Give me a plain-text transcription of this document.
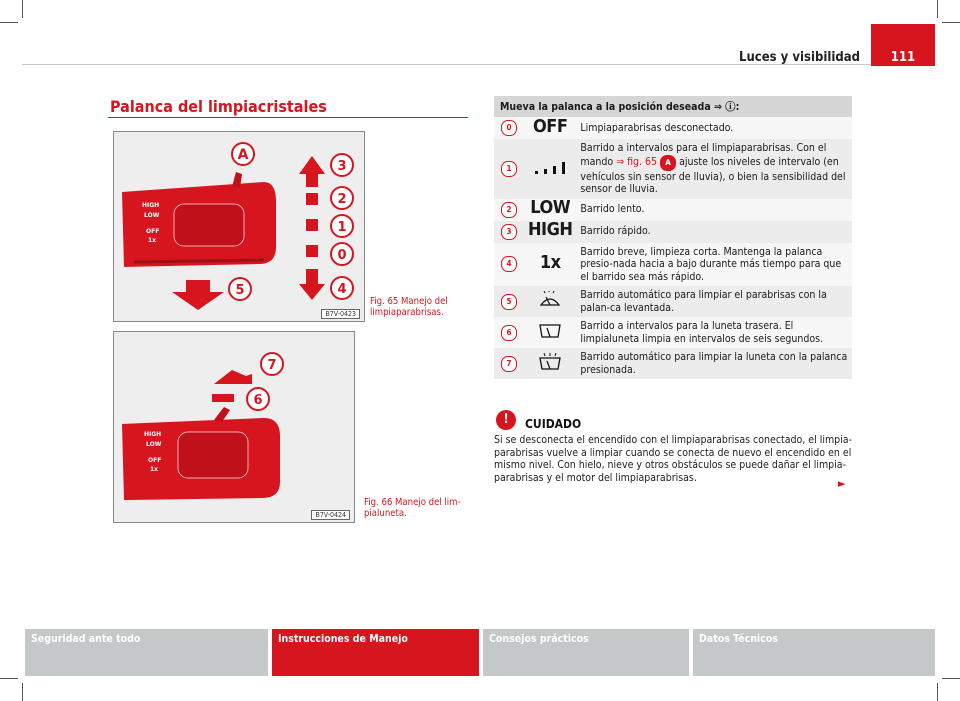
111
Luces y visibilidad
Palanca del limpiacristales
HIGH
LOW
OFF
1x
A
3
2
1
0
5	4
B7V-0423
Fig. 65 Manejo del limpiaparabrisas.
HIGH
LOW
OFF
1x
7
6
B7V-0424
Fig. 66 Manejo del lim-pialuneta.
Mueva la palanca a la posición deseada ⇒ ⓘ:		
0	OFF	Limpiaparabrisas desconectado.
1		Barrido a intervalos para el limpiaparabrisas. Con el mando ⇒ fig. 65 A ajuste los niveles de intervalo (en vehículos sin sensor de lluvia), o bien la sensibilidad del sensor de lluvia.
2	LOW	Barrido lento.
3	HIGH	Barrido rápido.
4	1x	Barrido breve, limpieza corta. Mantenga la palanca presio-nada hacia a bajo durante más tiempo para que el barrido sea más rápido.
5		Barrido automático para limpiar el parabrisas con la palan-ca levantada.
6		Barrido a intervalos para la luneta trasera. El limpialuneta limpia en intervalos de seis segundos.
7		Barrido automático para limpiar la luneta con la palanca presionada.
!	CUIDADO
Si se desconecta el encendido con el limpiaparabrisas conectado, el limpia-parabrisas vuelve a limpiar cuando se conecta de nuevo el encendido en el mismo nivel. Con hielo, nieve y otros obstáculos se puede dañar el limpia-parabrisas y el motor del limpiaparabrisas.	►
Seguridad ante todo	Instrucciones de Manejo	Consejos prácticos	Datos Técnicos
